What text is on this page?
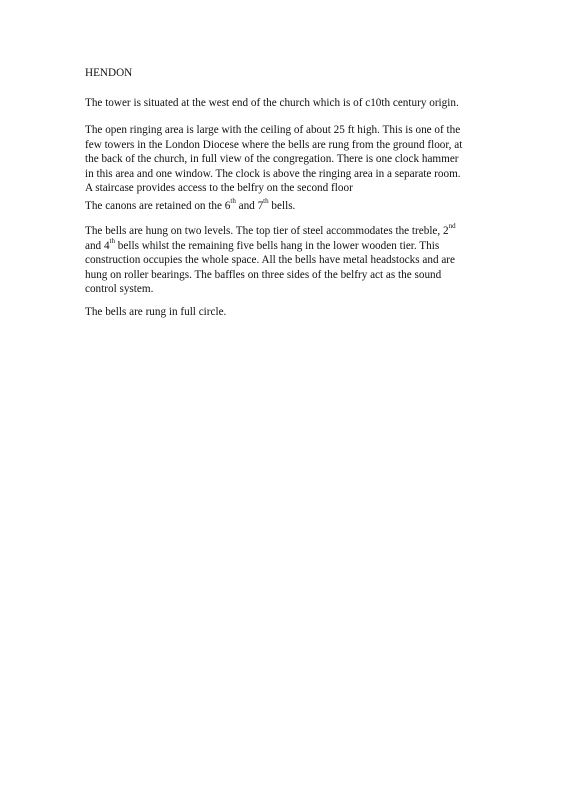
HENDON
The tower is situated at the west end of the church which is of c10th century origin.
The open ringing area is large with the ceiling of about 25 ft high. This is one of the
few towers in the London Diocese where the bells are rung from the ground floor, at
the back of the church, in full view of the congregation. There is one clock hammer
in this area and one window. The clock is above the ringing area in a separate room.
A staircase provides access to the belfry on the second floor
The canons are retained on the 6th and 7th bells.
The bells are hung on two levels. The top tier of steel accommodates the treble, 2nd
and 4th bells whilst the remaining five bells hang in the lower wooden tier. This
construction occupies the whole space. All the bells have metal headstocks and are
hung on roller bearings. The baffles on three sides of the belfry act as the sound
control system.
The bells are rung in full circle.
